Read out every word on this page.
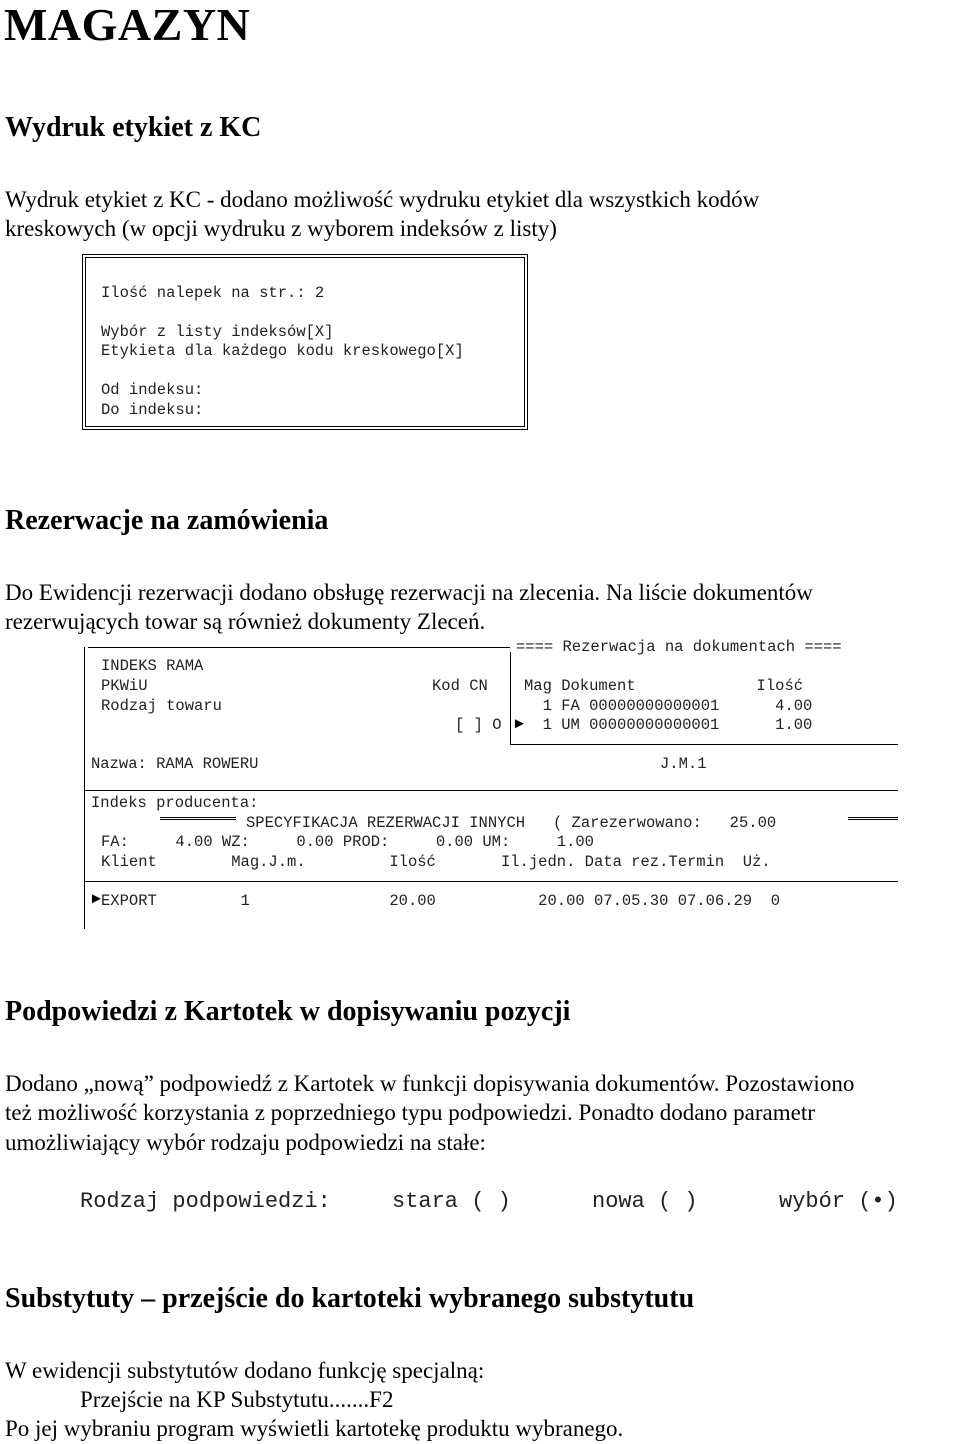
MAGAZYN
Wydruk etykiet z KC
Wydruk etykiet z KC - dodano możliwość wydruku etykiet dla wszystkich kodów
kreskowych (w opcji wydruku z wyborem indeksów z listy)
Ilość nalepek na str.: 2
Wybór z listy indeksów[X]
Etykieta dla każdego kodu kreskowego[X]
Od indeksu:
Do indeksu:
Rezerwacje na zamówienia
Do Ewidencji rezerwacji dodano obsługę rezerwacji na zlecenia. Na liście dokumentów
rezerwujących towar są również dokumenty Zleceń.
==== Rezerwacja na dokumentach ====
INDEKS RAMA
PKWiU	Kod CN
Rodzaj towaru
[ ] O
Mag Dokument             Ilość
1 FA 00000000000001      4.00
1 UM 00000000000001      1.00
►
Nazwa: RAMA ROWERU	J.M.1
Indeks producenta:
SPECYFIKACJA REZERWACJI INNYCH   ( Zarezerwowano:   25.00
FA:     4.00 WZ:     0.00 PROD:     0.00 UM:     1.00
Klient        Mag.J.m.         Ilość       Il.jedn. Data rez.Termin  Uż.
►
EXPORT         1               20.00           20.00 07.05.30 07.06.29  0
Podpowiedzi z Kartotek w dopisywaniu pozycji
Dodano „nową” podpowiedź z Kartotek w funkcji dopisywania dokumentów. Pozostawiono
też możliwość korzystania z poprzedniego typu podpowiedzi. Ponadto dodano parametr
umożliwiający wybór rodzaju podpowiedzi na stałe:
Rodzaj podpowiedzi:	stara ( )	nowa ( )	wybór (•)
Substytuty – przejście do kartoteki wybranego substytutu
W ewidencji substytutów dodano funkcję specjalną:
Przejście na KP Substytutu.......F2
Po jej wybraniu program wyświetli kartotekę produktu wybranego.
